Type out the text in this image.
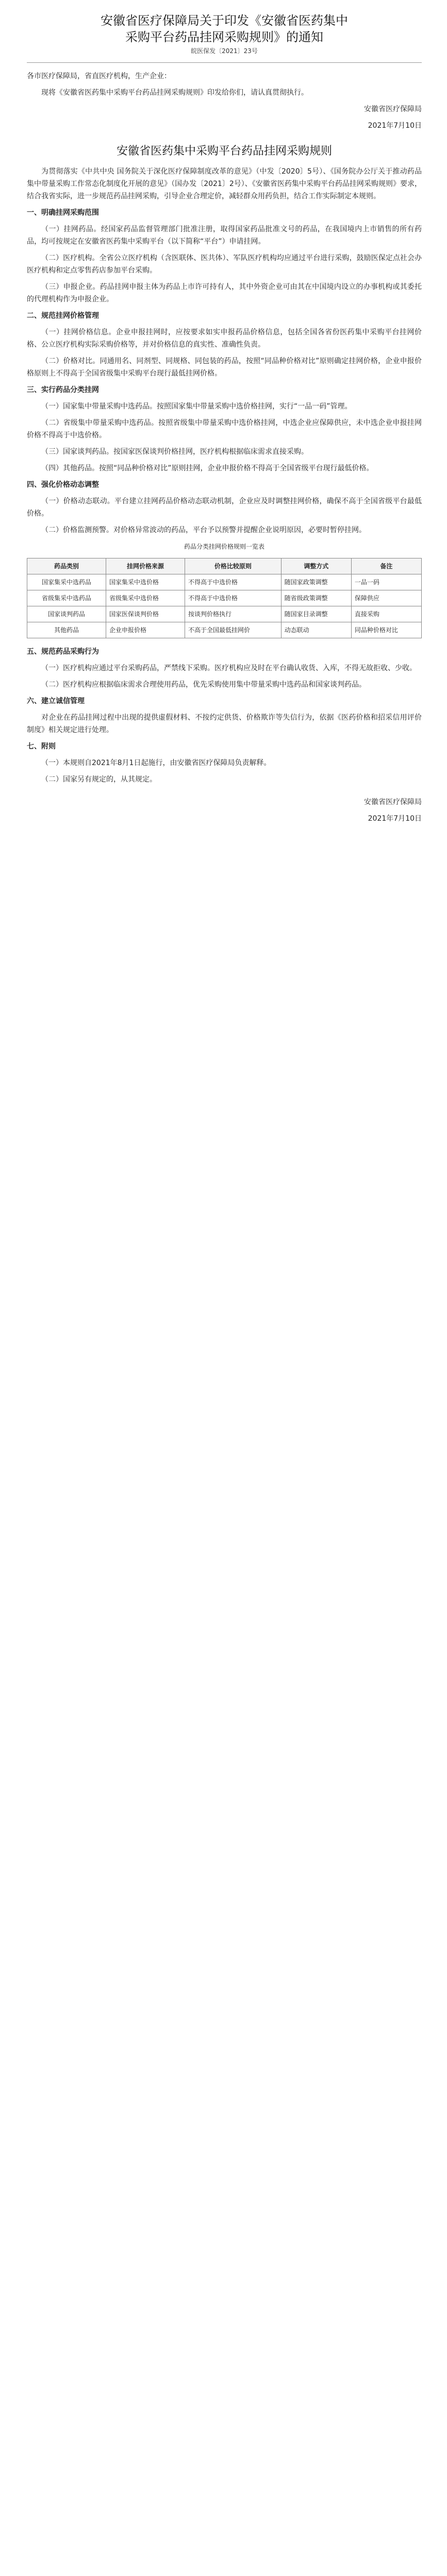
安徽省医疗保障局关于印发《安徽省医药集中
采购平台药品挂网采购规则》的通知
皖医保发〔2021〕23号

各市医疗保障局，省直医疗机构，生产企业：

现将《安徽省医药集中采购平台药品挂网采购规则》印发给你们，请认真贯彻执行。

安徽省医疗保障局

2021年7月10日

安徽省医药集中采购平台药品挂网采购规则

为贯彻落实《中共中央 国务院关于深化医疗保障制度改革的意见》（中发〔2020〕5号）、《国务院办公厅关于推动药品集中带量采购工作常态化制度化开展的意见》（国办发〔2021〕2号）、《安徽省医药集中采购平台药品挂网采购规则》要求，结合我省实际，进一步规范药品挂网采购，引导企业合理定价，减轻群众用药负担，结合工作实际制定本规则。

一、明确挂网采购范围

（一）挂网药品。经国家药品监督管理部门批准注册，取得国家药品批准文号的药品，在我国境内上市销售的所有药品，均可按规定在安徽省医药集中采购平台（以下简称“平台”）申请挂网。

（二）医疗机构。全省公立医疗机构（含医联体、医共体）、军队医疗机构均应通过平台进行采购，鼓励医保定点社会办医疗机构和定点零售药店参加平台采购。

（三）申报企业。药品挂网申报主体为药品上市许可持有人，其中外资企业可由其在中国境内设立的办事机构或其委托的代理机构作为申报企业。

二、规范挂网价格管理

（一）挂网价格信息。企业申报挂网时，应按要求如实申报药品价格信息，包括全国各省份医药集中采购平台挂网价格、公立医疗机构实际采购价格等，并对价格信息的真实性、准确性负责。

（二）价格对比。同通用名、同剂型、同规格、同包装的药品，按照“同品种价格对比”原则确定挂网价格，企业申报价格原则上不得高于全国省级集中采购平台现行最低挂网价格。

三、实行药品分类挂网

（一）国家集中带量采购中选药品。按照国家集中带量采购中选价格挂网，实行“一品一码”管理。

（二）省级集中带量采购中选药品。按照省级集中带量采购中选价格挂网，中选企业应保障供应，未中选企业申报挂网价格不得高于中选价格。

（三）国家谈判药品。按国家医保谈判价格挂网，医疗机构根据临床需求直接采购。

（四）其他药品。按照“同品种价格对比”原则挂网，企业申报价格不得高于全国省级平台现行最低价格。

四、强化价格动态调整

（一）价格动态联动。平台建立挂网药品价格动态联动机制，企业应及时调整挂网价格，确保不高于全国省级平台最低价格。

（二）价格监测预警。对价格异常波动的药品，平台予以预警并提醒企业说明原因，必要时暂停挂网。

药品分类挂网价格规则一览表

药品类别	挂网价格来源	价格比较原则	调整方式	备注
国家集采中选药品	国家集采中选价格	不得高于中选价格	随国家政策调整	一品一码
省级集采中选药品	省级集采中选价格	不得高于中选价格	随省级政策调整	保障供应
国家谈判药品	国家医保谈判价格	按谈判价格执行	随国家目录调整	直接采购
其他药品	企业申报价格	不高于全国最低挂网价	动态联动	同品种价格对比

五、规范药品采购行为

（一）医疗机构应通过平台采购药品，严禁线下采购。医疗机构应及时在平台确认收货、入库，不得无故拒收、少收。

（二）医疗机构应根据临床需求合理使用药品，优先采购使用集中带量采购中选药品和国家谈判药品。

六、建立诚信管理

对企业在药品挂网过程中出现的提供虚假材料、不按约定供货、价格欺诈等失信行为，依据《医药价格和招采信用评价制度》相关规定进行处理。

七、附则

（一）本规则自2021年8月1日起施行，由安徽省医疗保障局负责解释。

（二）国家另有规定的，从其规定。

安徽省医疗保障局

2021年7月10日
